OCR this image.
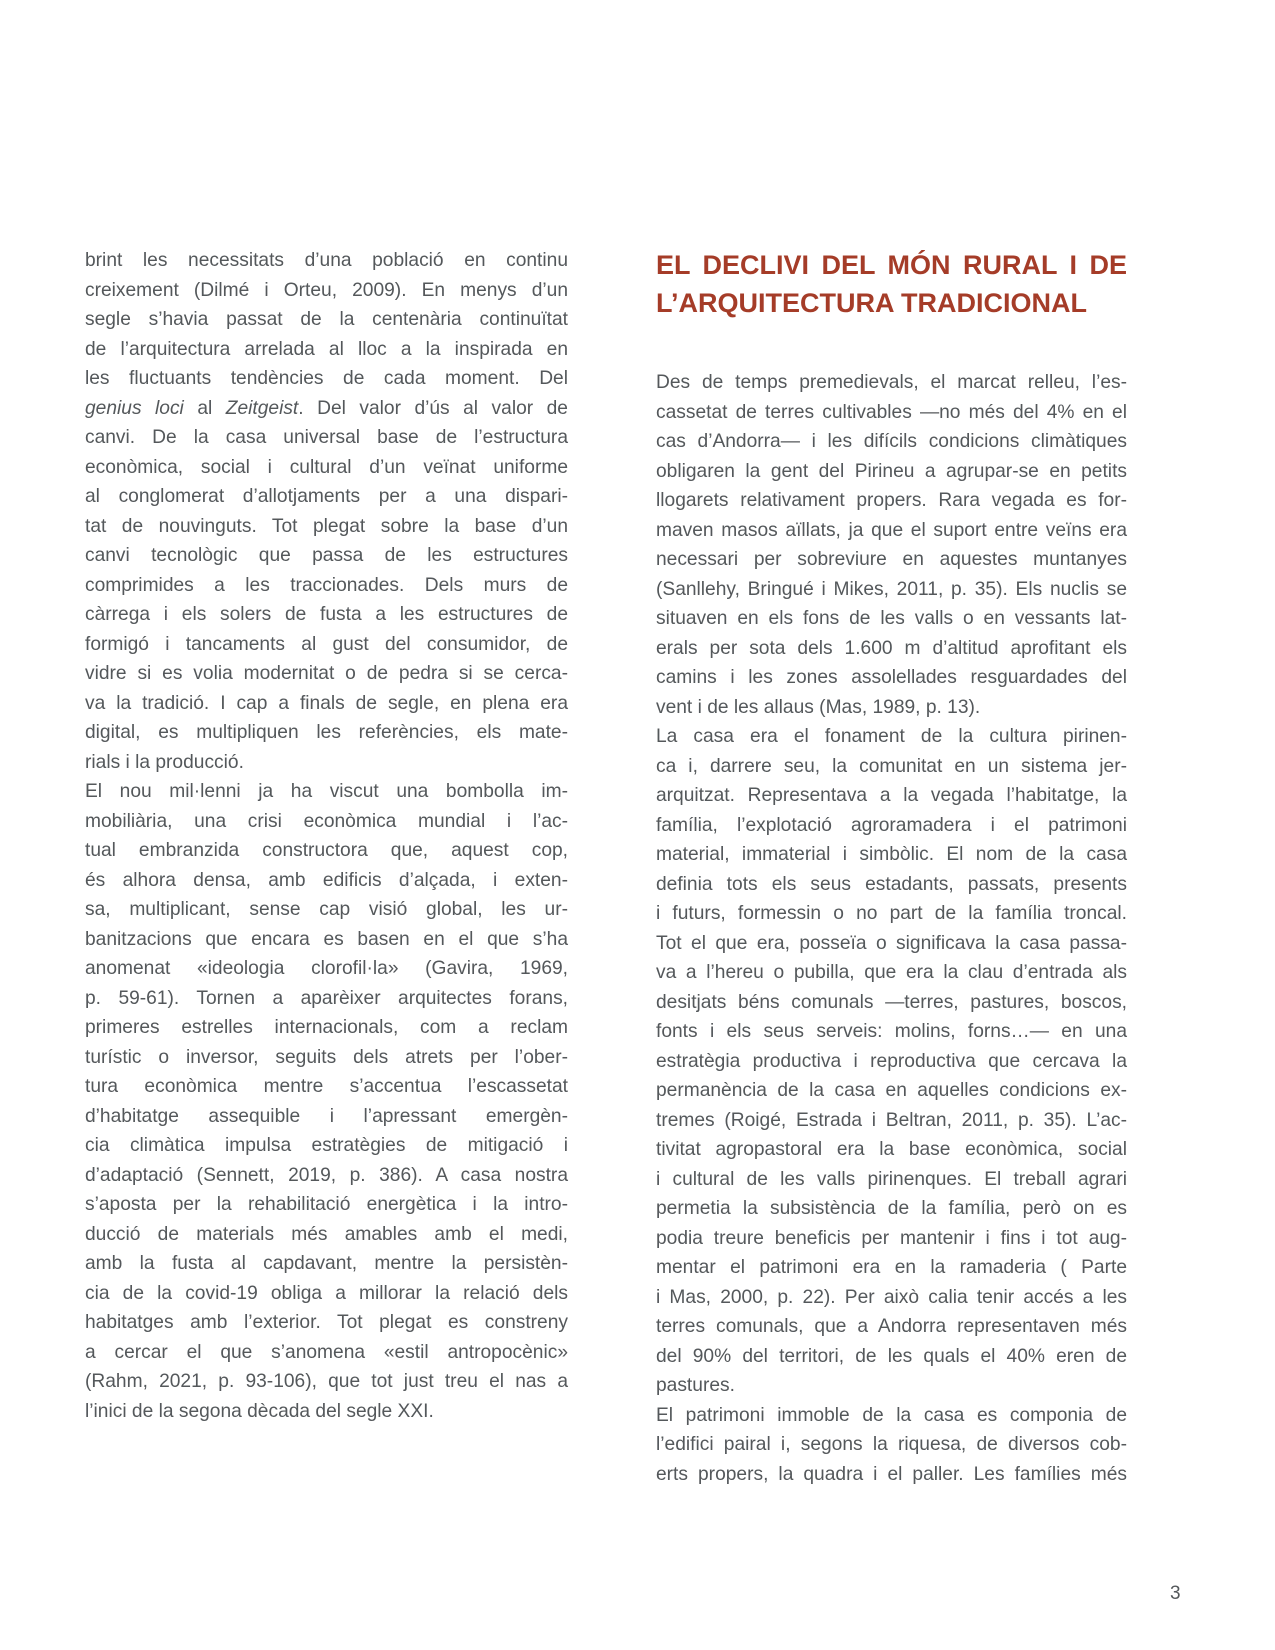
brint les necessitats d’una població en continu
creixement (Dilmé i Orteu, 2009). En menys d’un
segle s’havia passat de la centenària continuïtat
de l’arquitectura arrelada al lloc a la inspirada en
les fluctuants tendències de cada moment. Del
genius loci al Zeitgeist. Del valor d’ús al valor de
canvi. De la casa universal base de l’estructura
econòmica, social i cultural d’un veïnat uniforme
al conglomerat d’allotjaments per a una dispari-
tat de nouvinguts. Tot plegat sobre la base d’un
canvi tecnològic que passa de les estructures
comprimides a les traccionades. Dels murs de
càrrega i els solers de fusta a les estructures de
formigó i tancaments al gust del consumidor, de
vidre si es volia modernitat o de pedra si se cerca-
va la tradició. I cap a finals de segle, en plena era
digital, es multipliquen les referències, els mate-
rials i la producció.
El nou mil·lenni ja ha viscut una bombolla im-
mobiliària, una crisi econòmica mundial i l’ac-
tual embranzida constructora que, aquest cop,
és alhora densa, amb edificis d’alçada, i exten-
sa, multiplicant, sense cap visió global, les ur-
banitzacions que encara es basen en el que s’ha
anomenat «ideologia clorofil·la» (Gavira, 1969,
p. 59-61). Tornen a aparèixer arquitectes forans,
primeres estrelles internacionals, com a reclam
turístic o inversor, seguits dels atrets per l’ober-
tura econòmica mentre s’accentua l’escassetat
d’habitatge assequible i l’apressant emergèn-
cia climàtica impulsa estratègies de mitigació i
d’adaptació (Sennett, 2019, p. 386). A casa nostra
s’aposta per la rehabilitació energètica i la intro-
ducció de materials més amables amb el medi,
amb la fusta al capdavant, mentre la persistèn-
cia de la covid-19 obliga a millorar la relació dels
habitatges amb l’exterior. Tot plegat es constreny
a cercar el que s’anomena «estil antropocènic»
(Rahm, 2021, p. 93-106), que tot just treu el nas a
l’inici de la segona dècada del segle XXI.
EL DECLIVI DEL MÓN RURAL I DE
L’ARQUITECTURA TRADICIONAL
Des de temps premedievals, el marcat relleu, l’es-
cassetat de terres cultivables —no més del 4% en el
cas d’Andorra— i les difícils condicions climàtiques
obligaren la gent del Pirineu a agrupar-se en petits
llogarets relativament propers. Rara vegada es for-
maven masos aïllats, ja que el suport entre veïns era
necessari per sobreviure en aquestes muntanyes
(Sanllehy, Bringué i Mikes, 2011, p. 35). Els nuclis se
situaven en els fons de les valls o en vessants lat-
erals per sota dels 1.600 m d’altitud aprofitant els
camins i les zones assolellades resguardades del
vent i de les allaus (Mas, 1989, p. 13).
La casa era el fonament de la cultura pirinen-
ca i, darrere seu, la comunitat en un sistema jer-
arquitzat. Representava a la vegada l’habitatge, la
família, l’explotació agroramadera i el patrimoni
material, immaterial i simbòlic. El nom de la casa
definia tots els seus estadants, passats, presents
i futurs, formessin o no part de la família troncal.
Tot el que era, posseïa o significava la casa passa-
va a l’hereu o pubilla, que era la clau d’entrada als
desitjats béns comunals —terres, pastures, boscos,
fonts i els seus serveis: molins, forns…— en una
estratègia productiva i reproductiva que cercava la
permanència de la casa en aquelles condicions ex-
tremes (Roigé, Estrada i Beltran, 2011, p. 35). L’ac-
tivitat agropastoral era la base econòmica, social
i cultural de les valls pirinenques. El treball agrari
permetia la subsistència de la família, però on es
podia treure beneficis per mantenir i fins i tot aug-
mentar el patrimoni era en la ramaderia ( Parte
i Mas, 2000, p. 22). Per això calia tenir accés a les
terres comunals, que a Andorra representaven més
del 90% del territori, de les quals el 40% eren de
pastures.
El patrimoni immoble de la casa es componia de
l’edifici pairal i, segons la riquesa, de diversos cob-
erts propers, la quadra i el paller. Les famílies més
3
